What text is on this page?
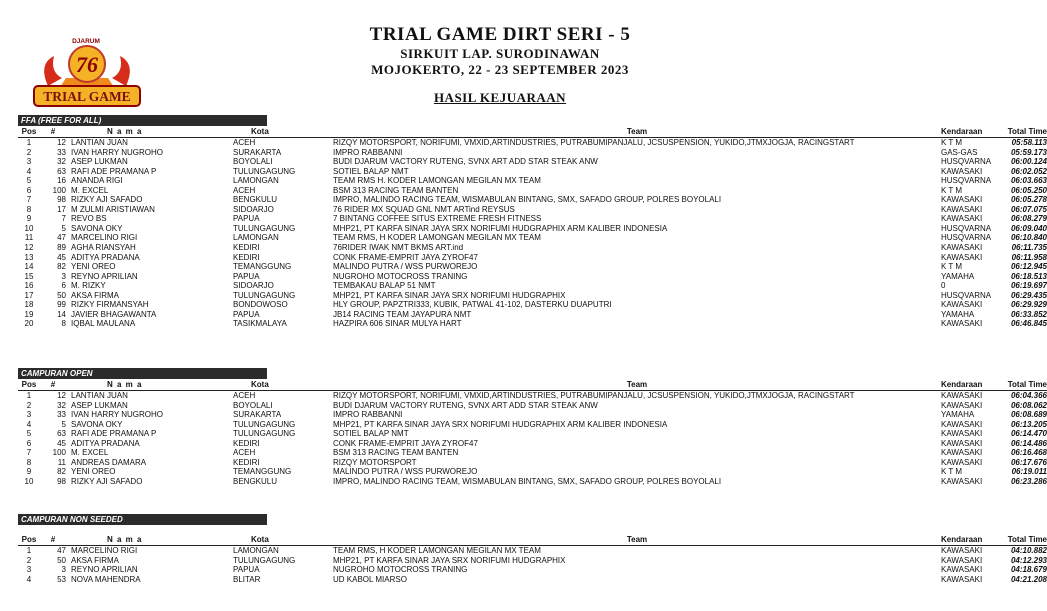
DJARUM
76
TRIAL GAME
TRIAL GAME DIRT SERI - 5
SIRKUIT LAP. SURODINAWAN
MOJOKERTO, 22 - 23 SEPTEMBER 2023
HASIL KEJUARAAN
FFA (FREE FOR ALL)
Pos	#	N a m a	Kota	Team	Kendaraan	Total Time
1	12	LANTIAN JUAN	ACEH	RIZQY MOTORSPORT, NORIFUMI, VMXID,ARTINDUSTRIES, PUTRABUMIPANJALU, JCSUSPENSION, YUKIDO,JTMXJOGJA, RACINGSTART	K T M	05:58.113
2	33	IVAN HARRY NUGROHO	SURAKARTA	IMPRO RABBANNI	GAS-GAS	05:59.173
3	32	ASEP LUKMAN	BOYOLALI	BUDI DJARUM VACTORY RUTENG, SVNX ART ADD STAR STEAK ANW	HUSQVARNA	06:00.124
4	63	RAFI ADE PRAMANA P	TULUNGAGUNG	SOTIEL BALAP NMT	KAWASAKI	06:02.052
5	16	ANANDA RIGI	LAMONGAN	TEAM RMS H. KODER LAMONGAN MEGILAN MX TEAM	HUSQVARNA	06:03.663
6	100	M. EXCEL	ACEH	BSM 313 RACING TEAM BANTEN	K T M	06:05.250
7	98	RIZKY AJI SAFADO	BENGKULU	IMPRO, MALINDO RACING TEAM, WISMABULAN BINTANG, SMX, SAFADO GROUP, POLRES BOYOLALI	KAWASAKI	06:05.278
8	17	M ZULMI ARISTIAWAN	SIDOARJO	76 RIDER MX SQUAD GNL NMT ARTind REYSUS	KAWASAKI	06:07.075
9	7	REVO BS	PAPUA	7 BINTANG COFFEE SITUS EXTREME FRESH FITNESS	KAWASAKI	06:08.279
10	5	SAVONA OKY	TULUNGAGUNG	MHP21, PT KARFA SINAR JAYA SRX NORIFUMI HUDGRAPHIX ARM KALIBER INDONESIA	HUSQVARNA	06:09.040
11	47	MARCELINO RIGI	LAMONGAN	TEAM RMS, H KODER LAMONGAN MEGILAN MX TEAM	HUSQVARNA	06:10.840
12	89	AGHA RIANSYAH	KEDIRI	76RIDER IWAK NMT BKMS ART.ind	KAWASAKI	06:11.735
13	45	ADITYA PRADANA	KEDIRI	CONK FRAME-EMPRIT JAYA ZYROF47	KAWASAKI	06:11.958
14	82	YENI OREO	TEMANGGUNG	MALINDO PUTRA / WSS PURWOREJO	K T M	06:12.945
15	3	REYNO APRILIAN	PAPUA	NUGROHO MOTOCROSS TRANING	YAMAHA	06:18.513
16	6	M. RIZKY	SIDOARJO	TEMBAKAU BALAP 51 NMT	0	06:19.697
17	50	AKSA FIRMA	TULUNGAGUNG	MHP21, PT KARFA SINAR JAYA SRX NORIFUMI HUDGRAPHIX	HUSQVARNA	06:29.435
18	99	RIZKY FIRMANSYAH	BONDOWOSO	HLY GROUP, PAPZTRI333, KUBIK, PATWAL 41-102, DASTERKU DUAPUTRI	KAWASAKI	06:29.929
19	14	JAVIER BHAGAWANTA	PAPUA	JB14 RACING TEAM JAYAPURA NMT	YAMAHA	06:33.852
20	8	IQBAL MAULANA	TASIKMALAYA	HAZPIRA 606 SINAR MULYA HART	KAWASAKI	06:46.845
CAMPURAN OPEN
Pos	#	N a m a	Kota	Team	Kendaraan	Total Time
1	12	LANTIAN JUAN	ACEH	RIZQY MOTORSPORT, NORIFUMI, VMXID,ARTINDUSTRIES, PUTRABUMIPANJALU, JCSUSPENSION, YUKIDO,JTMXJOGJA, RACINGSTART	KAWASAKI	06:04.366
2	32	ASEP LUKMAN	BOYOLALI	BUDI DJARUM VACTORY RUTENG, SVNX ART ADD STAR STEAK ANW	KAWASAKI	06:08.062
3	33	IVAN HARRY NUGROHO	SURAKARTA	IMPRO RABBANNI	YAMAHA	06:08.689
4	5	SAVONA OKY	TULUNGAGUNG	MHP21, PT KARFA SINAR JAYA SRX NORIFUMI HUDGRAPHIX ARM KALIBER INDONESIA	KAWASAKI	06:13.205
5	63	RAFI ADE PRAMANA P	TULUNGAGUNG	SOTIEL BALAP NMT	KAWASAKI	06:14.470
6	45	ADITYA PRADANA	KEDIRI	CONK FRAME-EMPRIT JAYA ZYROF47	KAWASAKI	06:14.486
7	100	M. EXCEL	ACEH	BSM 313 RACING TEAM BANTEN	KAWASAKI	06:16.468
8	11	ANDREAS DAMARA	KEDIRI	RIZQY MOTORSPORT	KAWASAKI	06:17.676
9	82	YENI OREO	TEMANGGUNG	MALINDO PUTRA / WSS PURWOREJO	K T M	06:19.011
10	98	RIZKY AJI SAFADO	BENGKULU	IMPRO, MALINDO RACING TEAM, WISMABULAN BINTANG, SMX, SAFADO GROUP, POLRES BOYOLALI	KAWASAKI	06:23.286
CAMPURAN NON SEEDED
Pos	#	N a m a	Kota	Team	Kendaraan	Total Time
1	47	MARCELINO RIGI	LAMONGAN	TEAM RMS, H KODER LAMONGAN MEGILAN MX TEAM	KAWASAKI	04:10.882
2	50	AKSA FIRMA	TULUNGAGUNG	MHP21, PT KARFA SINAR JAYA SRX NORIFUMI HUDGRAPHIX	KAWASAKI	04:12.293
3	3	REYNO APRILIAN	PAPUA	NUGROHO MOTOCROSS TRANING	KAWASAKI	04:18.679
4	53	NOVA MAHENDRA	BLITAR	UD KABOL MIARSO	KAWASAKI	04:21.208
